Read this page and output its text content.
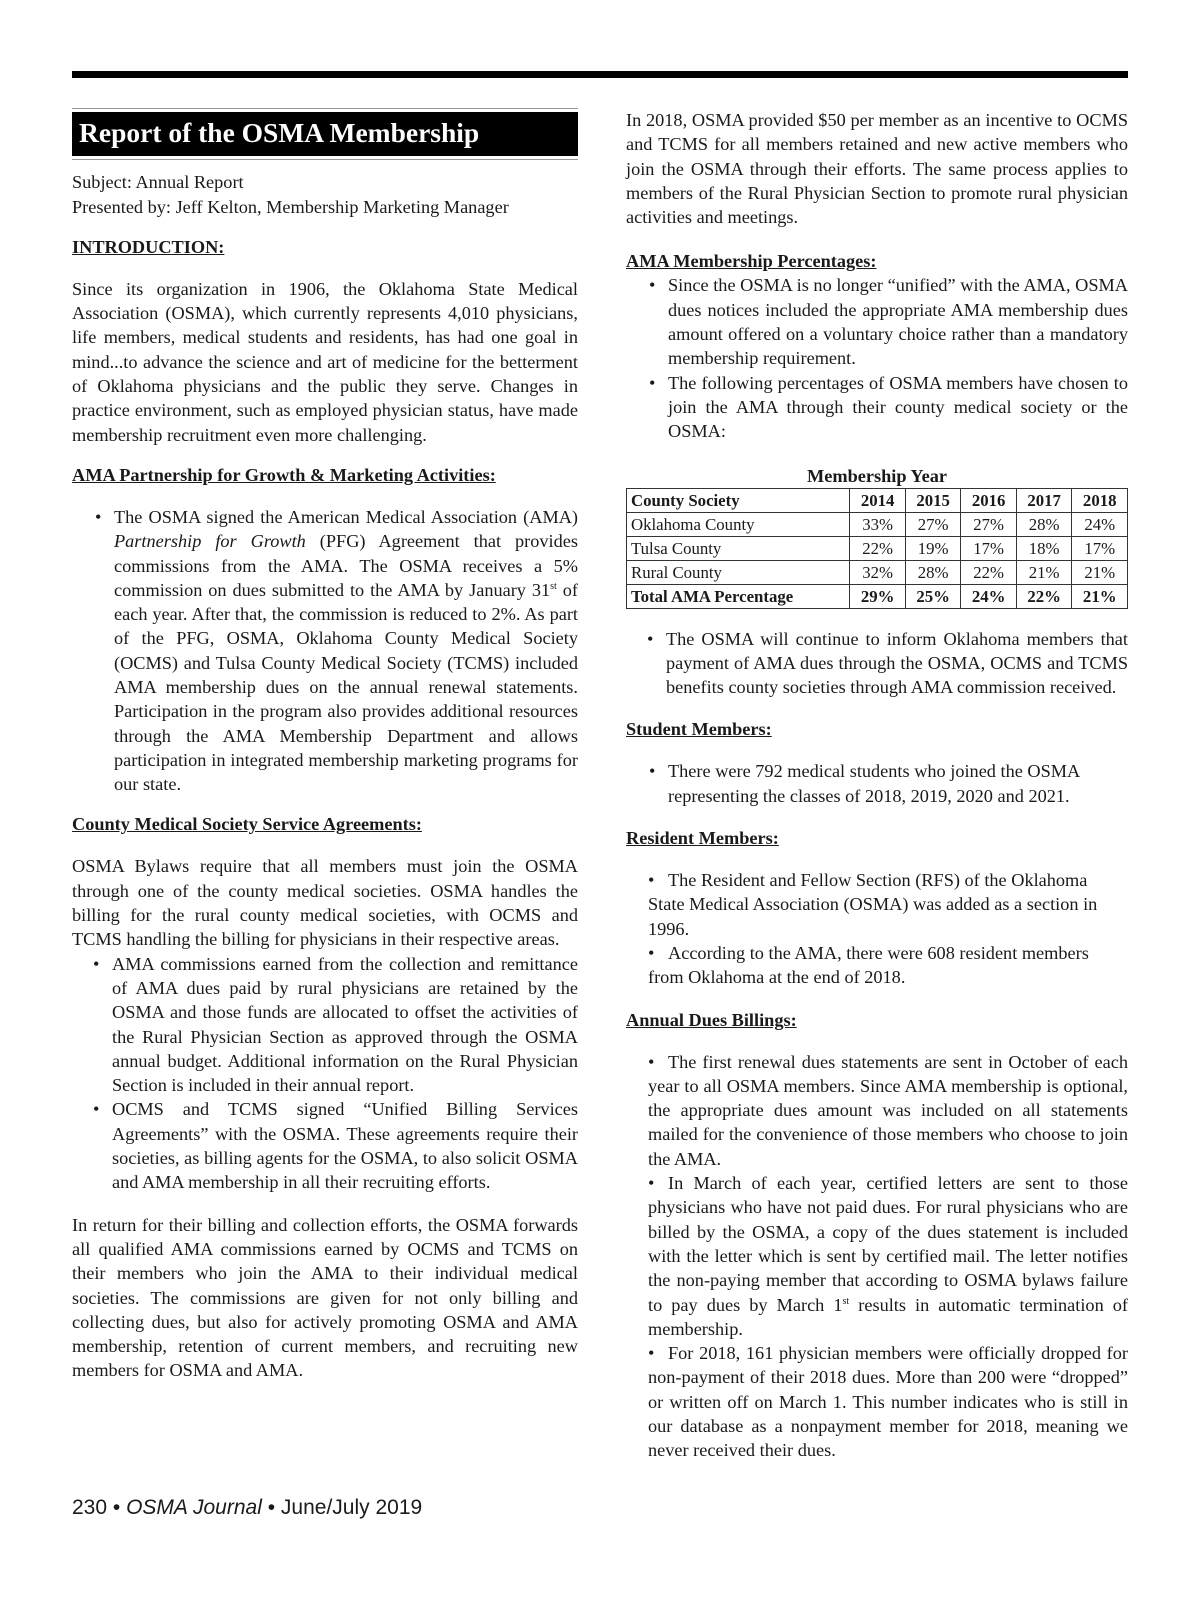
Report of the OSMA Membership

Subject: Annual Report

Presented by: Jeff Kelton, Membership Marketing Manager

INTRODUCTION:

Since its organization in 1906, the Oklahoma State Medical Association (OSMA), which currently represents 4,010 physicians, life members, medical students and residents, has had one goal in mind...to advance the science and art of medicine for the betterment of Oklahoma physicians and the public they serve. Changes in practice environment, such as employed physician status, have made membership recruitment even more challenging.

AMA Partnership for Growth & Marketing Activities:
• The OSMA signed the American Medical Association (AMA) Partnership for Growth (PFG) Agreement that provides commissions from the AMA. The OSMA receives a 5% commission on dues submitted to the AMA by January 31st of each year. After that, the commission is reduced to 2%. As part of the PFG, OSMA, Oklahoma County Medical Society (OCMS) and Tulsa County Medical Society (TCMS) included AMA membership dues on the annual renewal statements. Participation in the program also provides additional resources through the AMA Membership Department and allows participation in integrated membership marketing programs for our state.
County Medical Society Service Agreements:

OSMA Bylaws require that all members must join the OSMA through one of the county medical societies. OSMA handles the billing for the rural county medical societies, with OCMS and TCMS handling the billing for physicians in their respective areas.

• AMA commissions earned from the collection and remittance of AMA dues paid by rural physicians are retained by the OSMA and those funds are allocated to offset the activities of the Rural Physician Section as approved through the OSMA annual budget. Additional information on the Rural Physician Section is included in their annual report.
• OCMS and TCMS signed “Unified Billing Services Agreements” with the OSMA. These agreements require their societies, as billing agents for the OSMA, to also solicit OSMA and AMA membership in all their recruiting efforts.

In return for their billing and collection efforts, the OSMA forwards all qualified AMA commissions earned by OCMS and TCMS on their members who join the AMA to their individual medical societies. The commissions are given for not only billing and collecting dues, but also for actively promoting OSMA and AMA membership, retention of current members, and recruiting new members for OSMA and AMA.

In 2018, OSMA provided $50 per member as an incentive to OCMS and TCMS for all members retained and new active members who join the OSMA through their efforts. The same process applies to members of the Rural Physician Section to promote rural physician activities and meetings.

AMA Membership Percentages:
• Since the OSMA is no longer “unified” with the AMA, OSMA dues notices included the appropriate AMA membership dues amount offered on a voluntary choice rather than a mandatory membership requirement.
• The following percentages of OSMA members have chosen to join the AMA through their county medical society or the OSMA:
Membership Year
County Society	2014	2015	2016	2017	2018
Oklahoma County	33%	27%	27%	28%	24%
Tulsa County	22%	19%	17%	18%	17%
Rural County	32%	28%	22%	21%	21%
Total AMA Percentage	29%	25%	24%	22%	21%
• The OSMA will continue to inform Oklahoma members that payment of AMA dues through the OSMA, OCMS and TCMS benefits county societies through AMA commission received.
Student Members:
• There were 792 medical students who joined the OSMA representing the classes of 2018, 2019, 2020 and 2021.
Resident Members:
• The Resident and Fellow Section (RFS) of the Oklahoma State Medical Association (OSMA) was added as a section in 1996.
• According to the AMA, there were 608 resident members from Oklahoma at the end of 2018.
Annual Dues Billings:
• The first renewal dues statements are sent in October of each year to all OSMA members. Since AMA membership is optional, the appropriate dues amount was included on all statements mailed for the convenience of those members who choose to join the AMA.
• In March of each year, certified letters are sent to those physicians who have not paid dues. For rural physicians who are billed by the OSMA, a copy of the dues statement is included with the letter which is sent by certified mail. The letter notifies the non-paying member that according to OSMA bylaws failure to pay dues by March 1st results in automatic termination of membership.
• For 2018, 161 physician members were officially dropped for non-payment of their 2018 dues. More than 200 were “dropped” or written off on March 1. This number indicates who is still in our database as a nonpayment member for 2018, meaning we never received their dues.
230 • OSMA Journal • June/July 2019
